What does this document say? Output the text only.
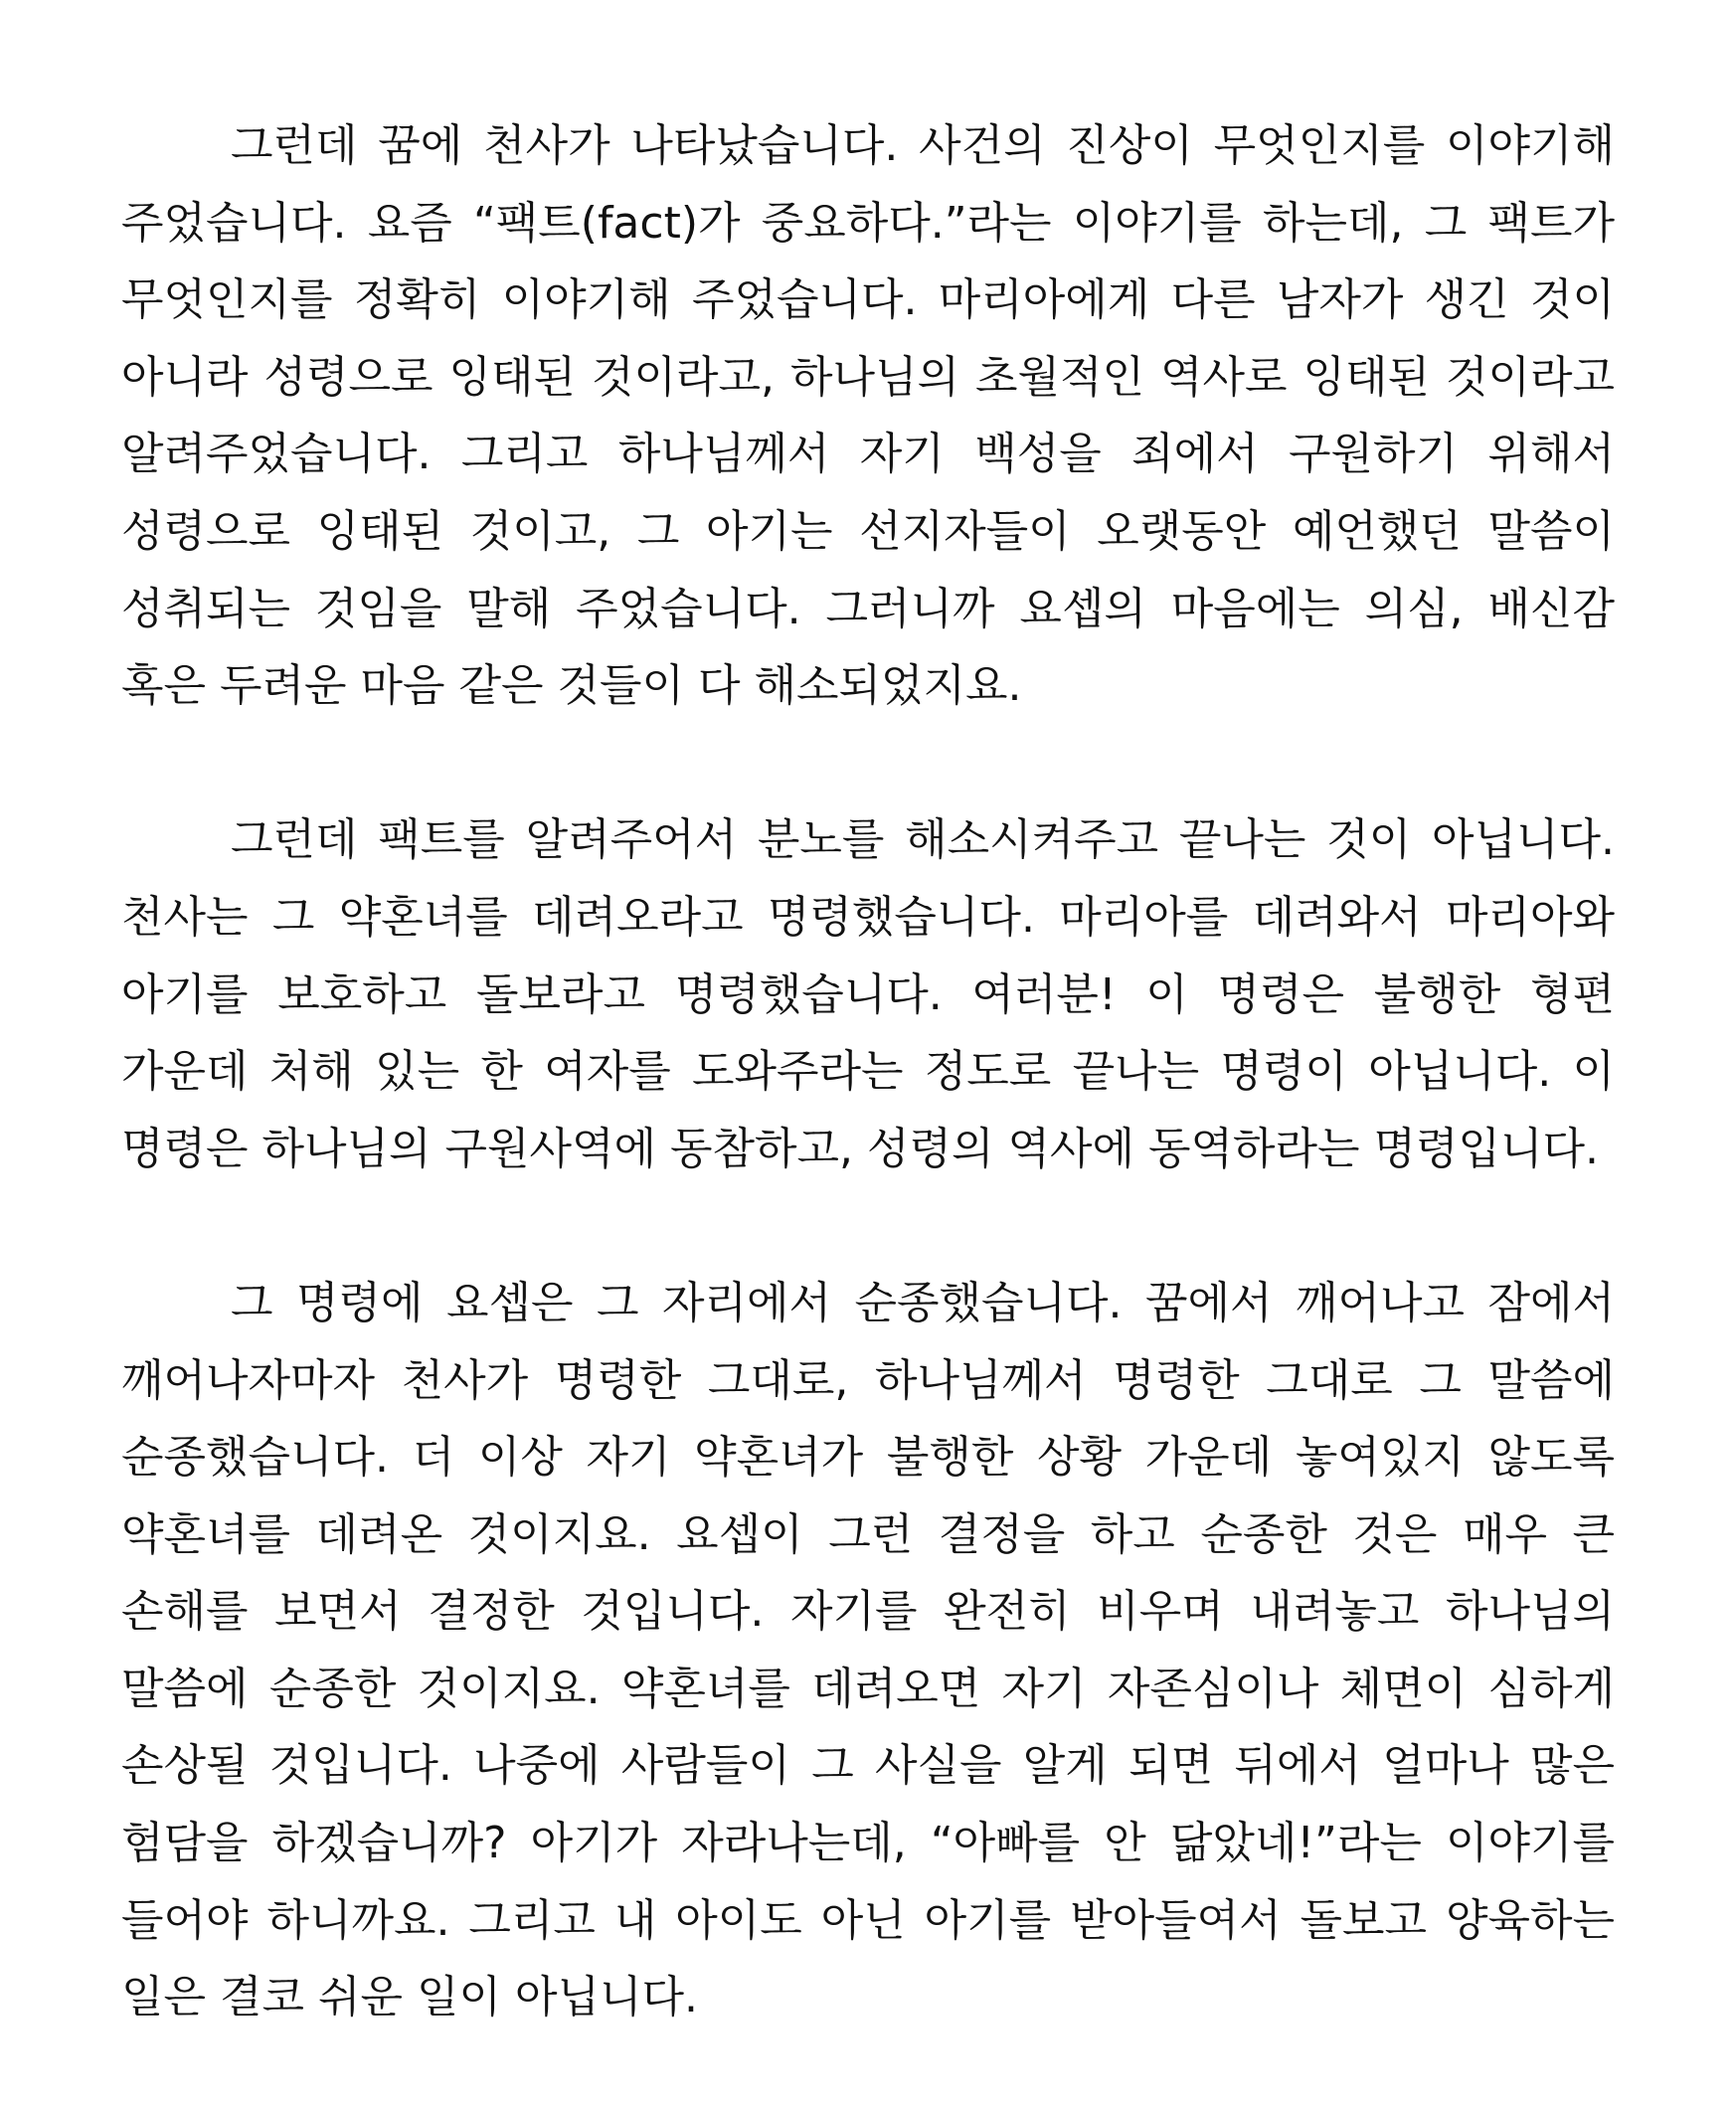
그런데 꿈에 천사가 나타났습니다. 사건의 진상이 무엇인지를 이야기해 주었습니다. 요즘 “팩트(fact)가 중요하다.”라는 이야기를 하는데, 그 팩트가 무엇인지를 정확히 이야기해 주었습니다. 마리아에게 다른 남자가 생긴 것이 아니라 성령으로 잉태된 것이라고, 하나님의 초월적인 역사로 잉태된 것이라고 알려주었습니다. 그리고 하나님께서 자기 백성을 죄에서 구원하기 위해서 성령으로 잉태된 것이고, 그 아기는 선지자들이 오랫동안 예언했던 말씀이 성취되는 것임을 말해 주었습니다. 그러니까 요셉의 마음에는 의심, 배신감 혹은 두려운 마음 같은 것들이 다 해소되었지요.

그런데 팩트를 알려주어서 분노를 해소시켜주고 끝나는 것이 아닙니다. 천사는 그 약혼녀를 데려오라고 명령했습니다. 마리아를 데려와서 마리아와 아기를 보호하고 돌보라고 명령했습니다. 여러분! 이 명령은 불행한 형편 가운데 처해 있는 한 여자를 도와주라는 정도로 끝나는 명령이 아닙니다. 이 명령은 하나님의 구원사역에 동참하고, 성령의 역사에 동역하라는 명령입니다.

그 명령에 요셉은 그 자리에서 순종했습니다. 꿈에서 깨어나고 잠에서 깨어나자마자 천사가 명령한 그대로, 하나님께서 명령한 그대로 그 말씀에 순종했습니다. 더 이상 자기 약혼녀가 불행한 상황 가운데 놓여있지 않도록 약혼녀를 데려온 것이지요. 요셉이 그런 결정을 하고 순종한 것은 매우 큰 손해를 보면서 결정한 것입니다. 자기를 완전히 비우며 내려놓고 하나님의 말씀에 순종한 것이지요. 약혼녀를 데려오면 자기 자존심이나 체면이 심하게 손상될 것입니다. 나중에 사람들이 그 사실을 알게 되면 뒤에서 얼마나 많은 험담을 하겠습니까? 아기가 자라나는데, “아빠를 안 닮았네!”라는 이야기를 들어야 하니까요. 그리고 내 아이도 아닌 아기를 받아들여서 돌보고 양육하는 일은 결코 쉬운 일이 아닙니다.
